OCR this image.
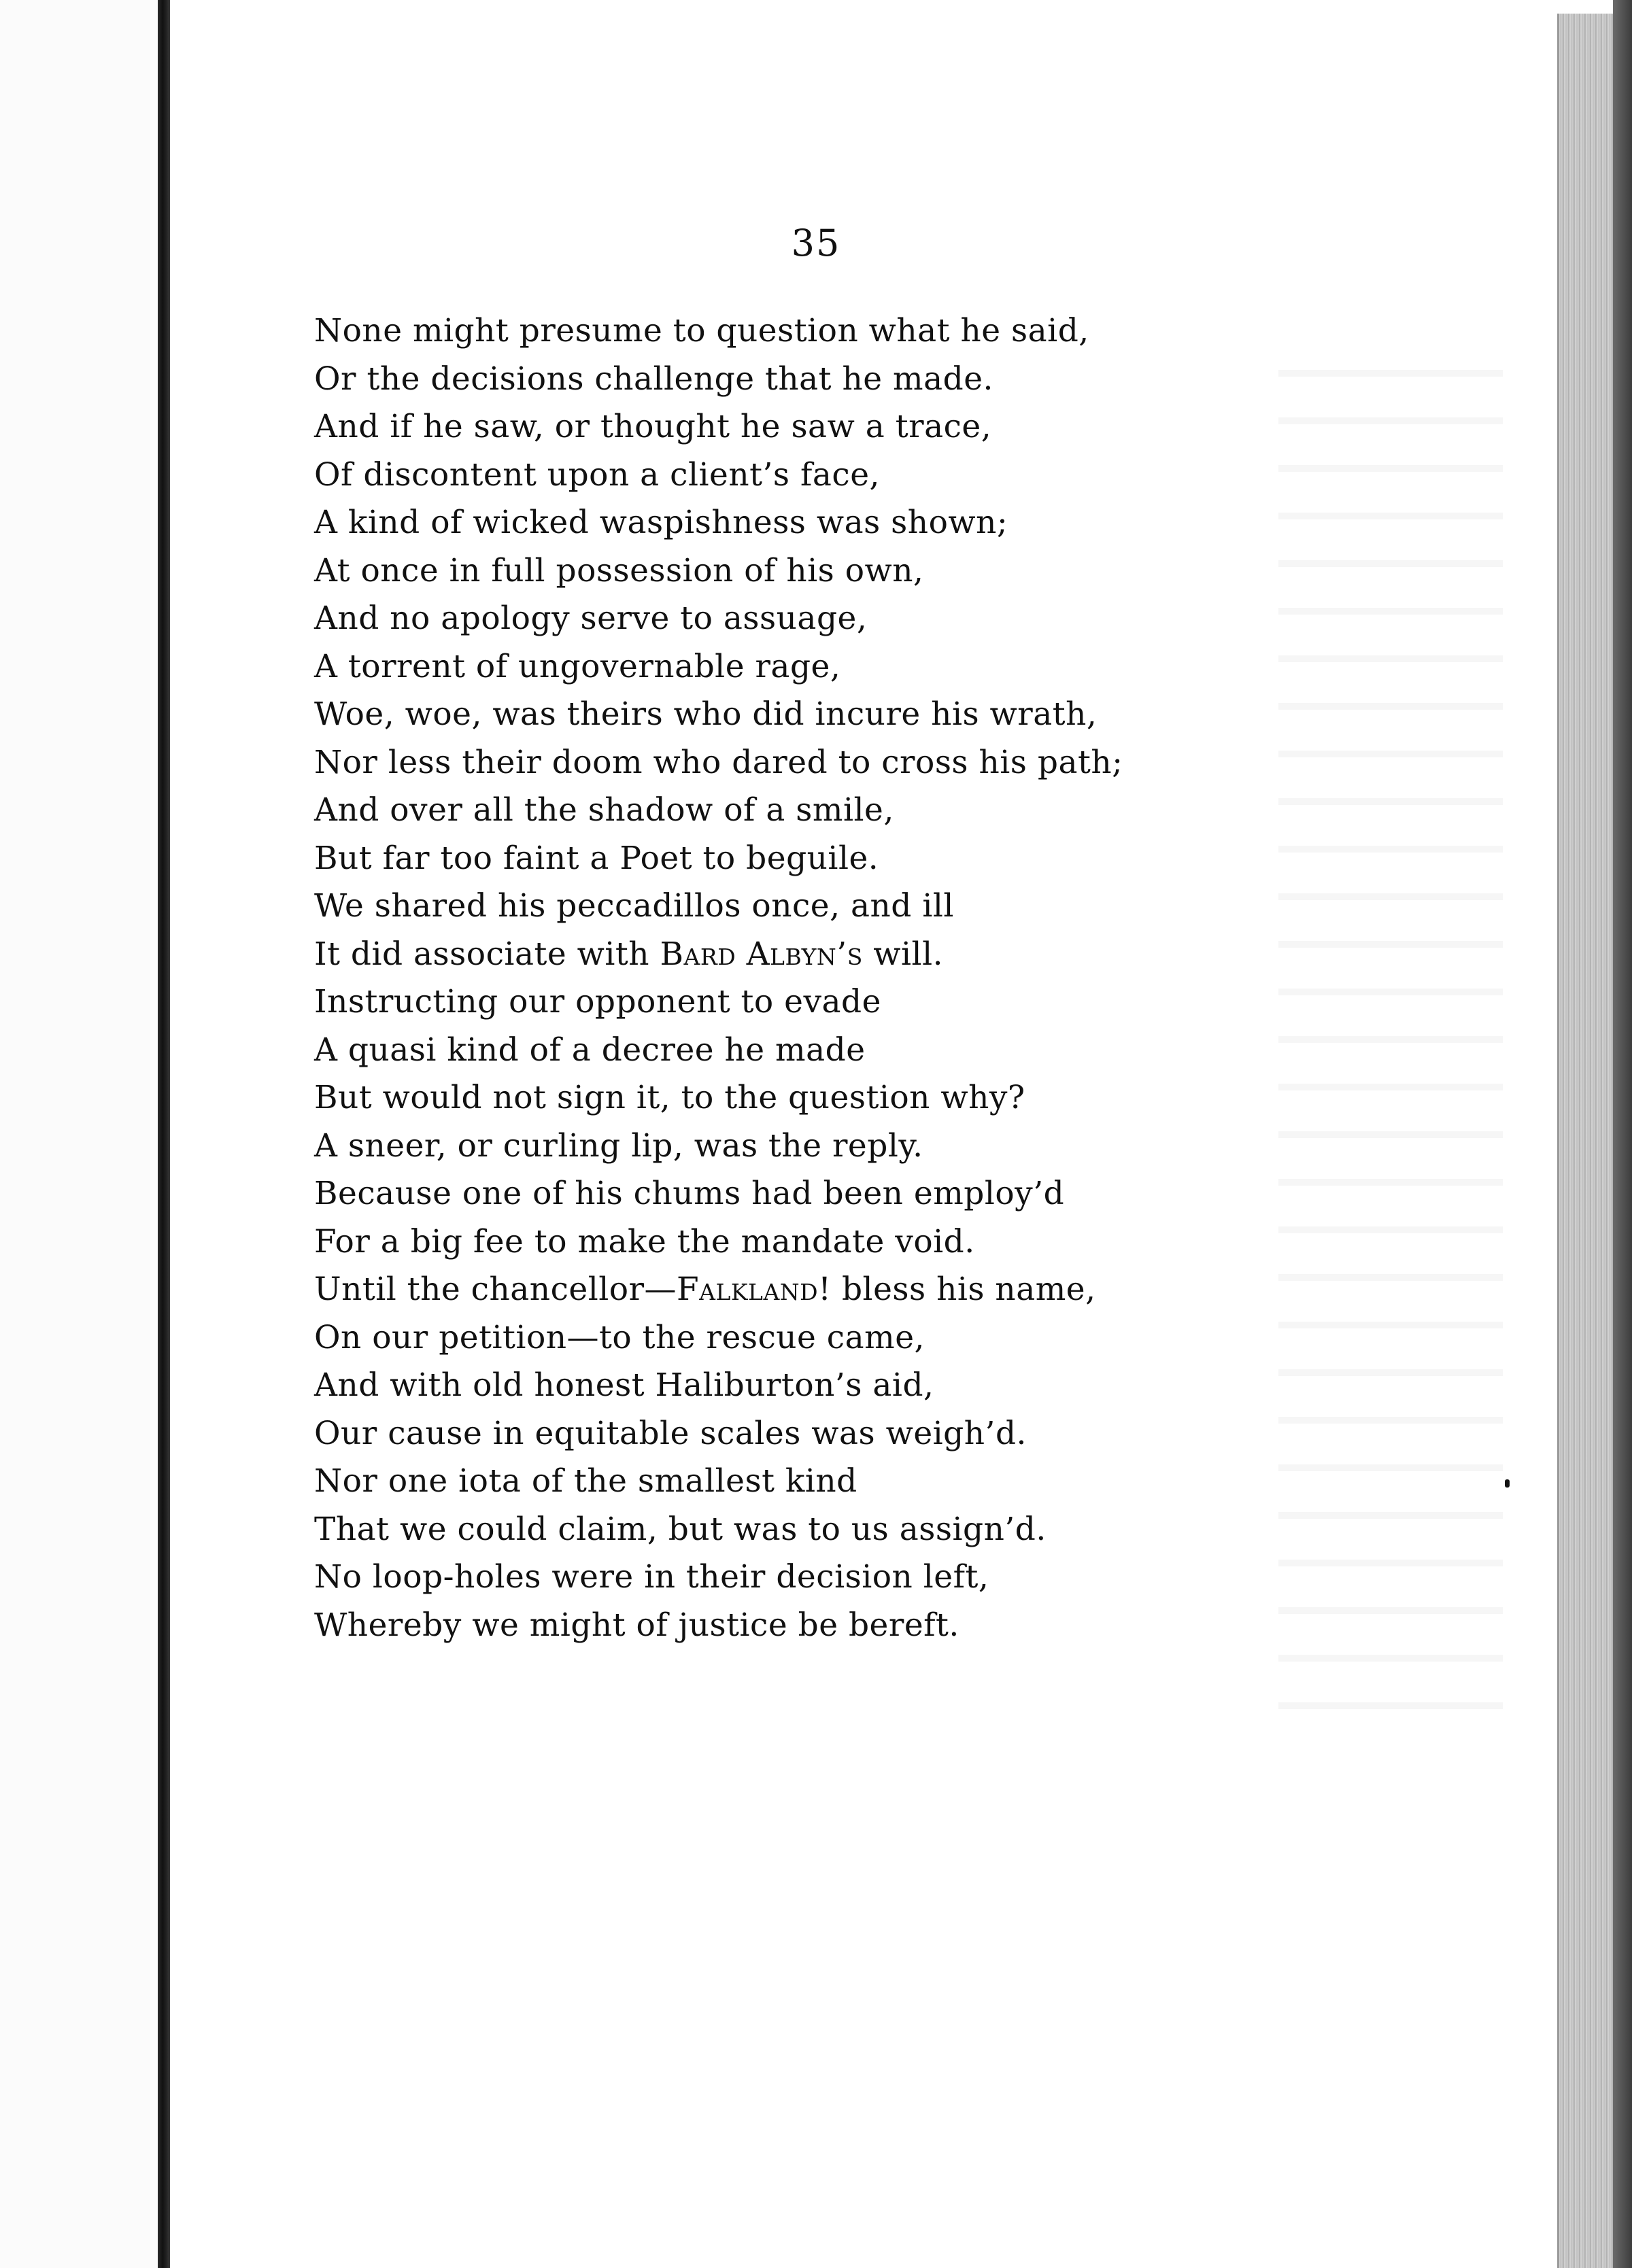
35
None might presume to question what he said,
Or the decisions challenge that he made.
And if he saw, or thought he saw a trace,
Of discontent upon a client’s face,
A kind of wicked waspishness was shown;
At once in full possession of his own,
And no apology serve to assuage,
A torrent of ungovernable rage,
Woe, woe, was theirs who did incure his wrath,
Nor less their doom who dared to cross his path;
And over all the shadow of a smile,
But far too faint a Poet to beguile.
We shared his peccadillos once, and ill
It did associate with Bard Albyn’s will.
Instructing our opponent to evade
A quasi kind of a decree he made
But would not sign it, to the question why?
A sneer, or curling lip, was the reply.
Because one of his chums had been employ’d
For a big fee to make the mandate void.
Until the chancellor—Falkland! bless his name,
On our petition—to the rescue came,
And with old honest Haliburton’s aid,
Our cause in equitable scales was weigh’d.
Nor one iota of the smallest kind
That we could claim, but was to us assign’d.
No loop-holes were in their decision left,
Whereby we might of justice be bereft.
